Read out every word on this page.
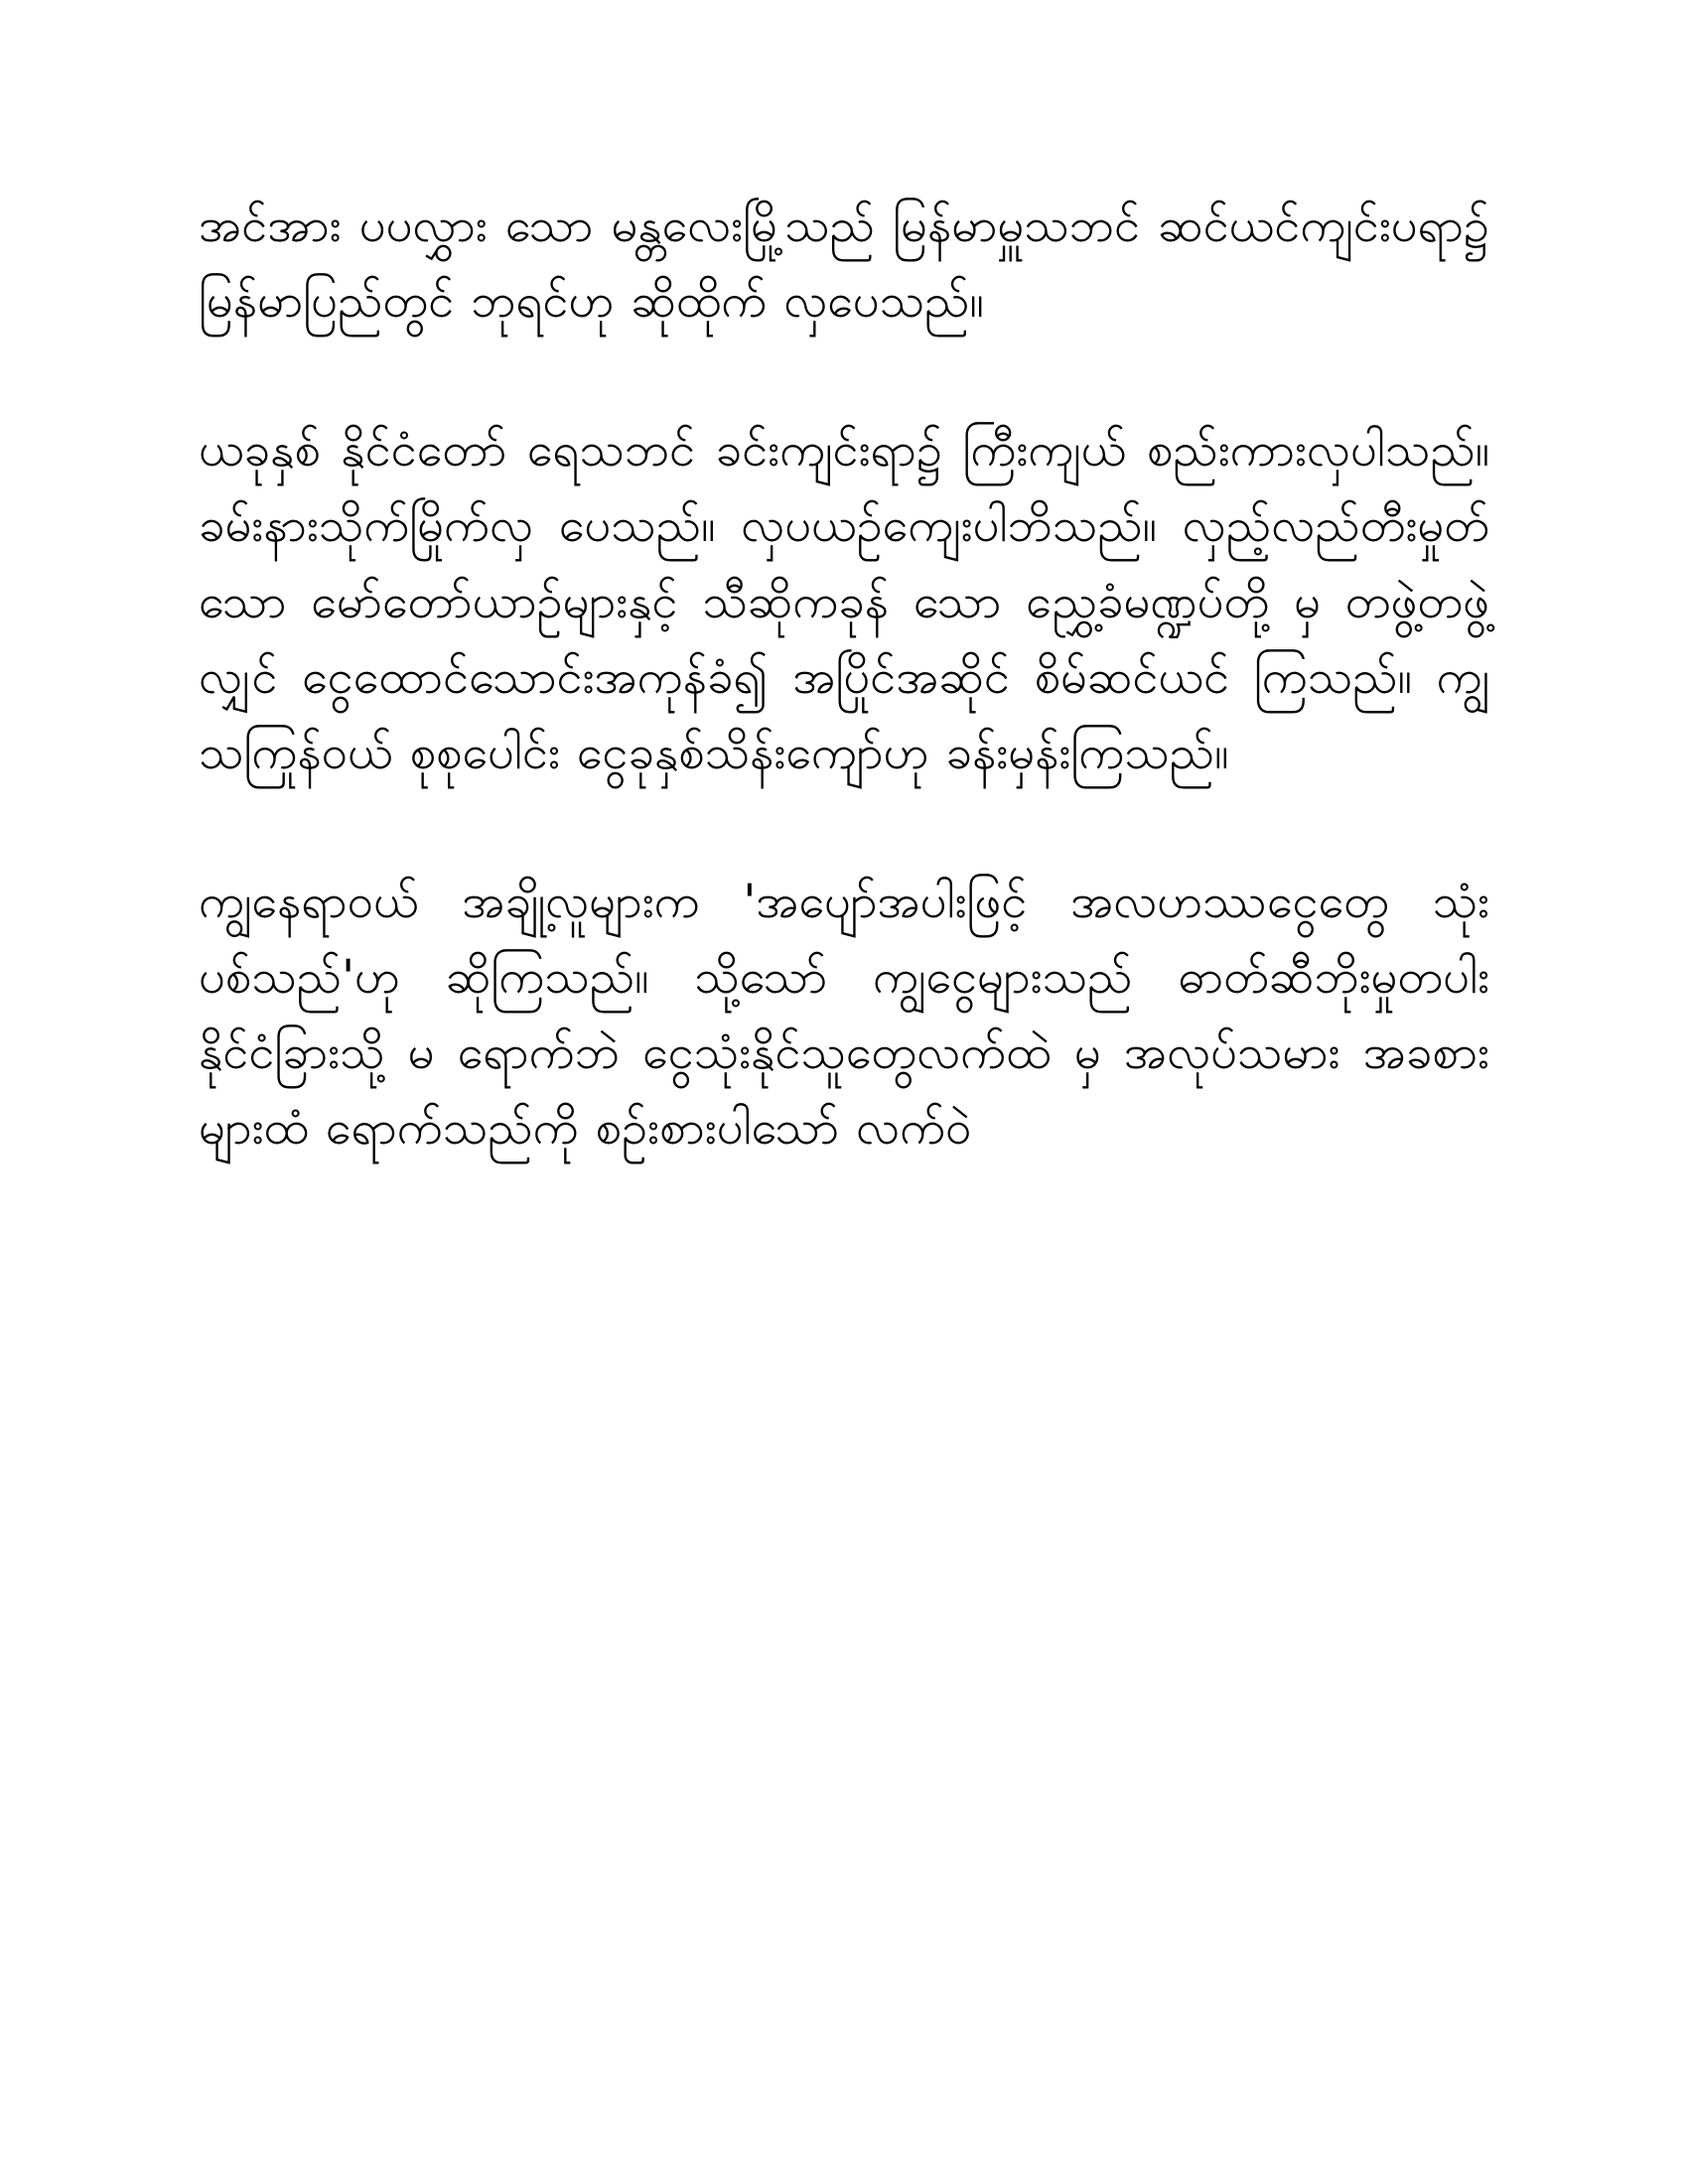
အင်အား ပပလွှား သော မန္တလေးမြို့သည် မြန်မာမှူသဘင် ဆင်ယင်ကျင်းပရာ၌ မြန်မာပြည်တွင် ဘုရင်ဟု ဆိုထိုက် လှပေသည်။

ယခုနှစ် နိုင်ငံတော် ရေသဘင် ခင်းကျင်းရာ၌ ကြီးကျယ် စည်းကားလှပါသည်။ ခမ်းနားသိုက်မြိုက်လှ ပေသည်။ လှပယဉ်ကျေးပါဘိသည်။ လှည့်လည်တီးမှုတ်သော မော်တော်ယာဉ်များနှင့် သီဆိုကခုန် သော ညွှေ့ခံမဏ္ဍပ်တို့ မှ တဖွဲ့တဖွဲ့လျှင် ငွေထောင်သောင်းအကုန်ခံ၍ အပြိုင်အဆိုင် စိမ်ဆင်ယင် ကြသည်။ ကျွသကြုန်ဝယ် စုစုပေါင်း ငွေခုနှစ်သိန်းကျော်ဟု ခန်းမှန်းကြသည်။

ကျွနေရာဝယ် အချို့လူများက 'အပျော်အပါးဖြင့် အလဟဿငွေတွေ သုံးပစ်သည်'ဟု ဆိုကြသည်။ သို့သော် ကျွငွေများသည် ဓာတ်ဆီဘိုးမှုတပါး နိုင်ငံခြားသို့ မ ရောက်ဘဲ ငွေသုံးနိုင်သူတွေလက်ထဲ မှ အလုပ်သမား အခစားများထံ ရောက်သည်ကို စဉ်းစားပါသော် လက်ဝဲ
